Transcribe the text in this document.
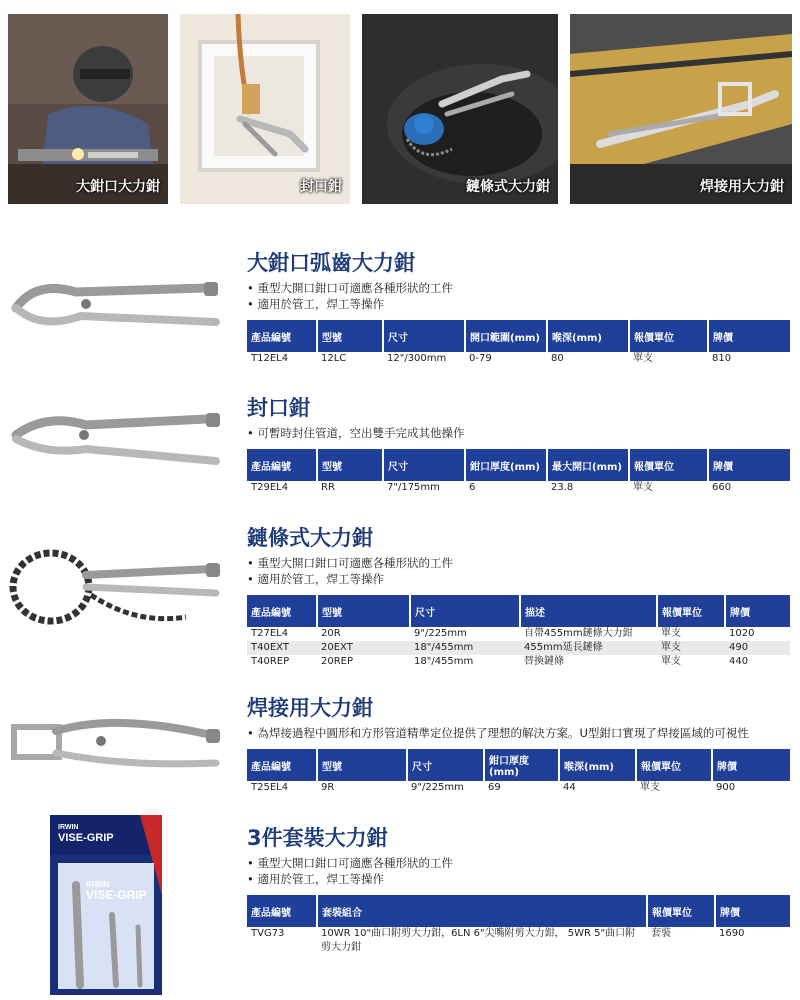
大鉗口大力鉗	封口鉗	鏈條式大力鉗	焊接用大力鉗
IRWIN
VISE-GRIP
IRWIN
VISE-GRIP
大鉗口弧齒大力鉗
• 重型大開口鉗口可適應各種形狀的工件
• 適用於管工，焊工等操作
產品編號	型號	尺寸	開口範圍(mm)	喉深(mm)	報價單位	牌價
T12EL4	12LC	12"/300mm	0-79	80	單支	810
封口鉗
• 可暫時封住管道，空出雙手完成其他操作
產品編號	型號	尺寸	鉗口厚度(mm)	最大開口(mm)	報價單位	牌價
T29EL4	RR	7"/175mm	6	23.8	單支	660
鏈條式大力鉗
• 重型大開口鉗口可適應各種形狀的工件
• 適用於管工，焊工等操作
產品編號	型號	尺寸	描述	報價單位	牌價
T27EL4	20R	9"/225mm	自帶455mm鏈條大力鉗	單支	1020
T40EXT	20EXT	18"/455mm	455mm延長鏈條	單支	490
T40REP	20REP	18"/455mm	替換鏈條	單支	440
焊接用大力鉗
• 為焊接過程中圓形和方形管道精準定位提供了理想的解決方案。U型鉗口實現了焊接區域的可視性
產品編號	型號	尺寸	鉗口厚度(mm)	喉深(mm)	報價單位	牌價
T25EL4	9R	9"/225mm	69	44	單支	900
3件套裝大力鉗
• 重型大開口鉗口可適應各種形狀的工件
• 適用於管工，焊工等操作
產品編號	套裝組合	報價單位	牌價
TVG73	10WR 10"曲口附剪大力鉗，6LN 6"尖嘴附剪大力鉗， 5WR 5"曲口附剪大力鉗	套裝	1690
